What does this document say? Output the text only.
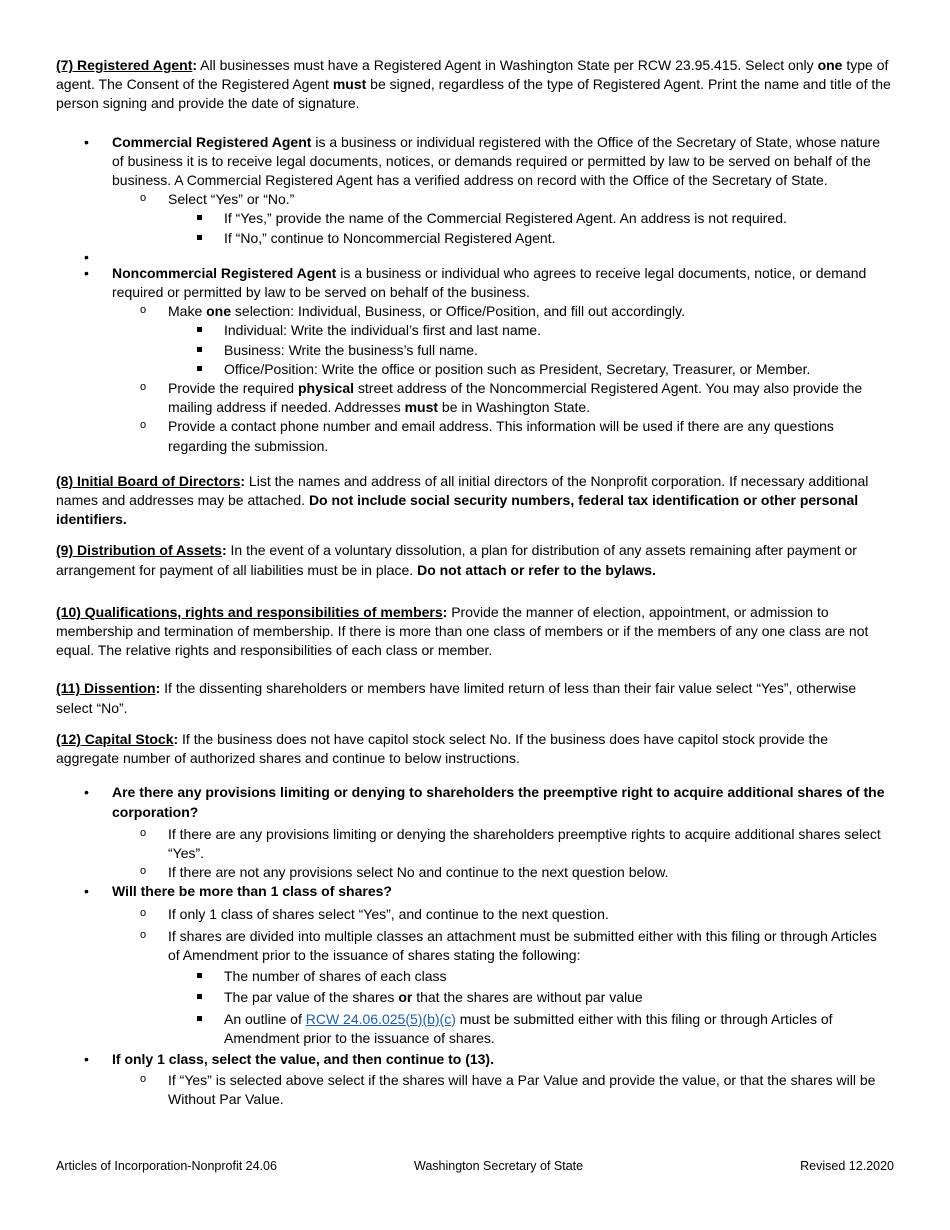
(7) Registered Agent: All businesses must have a Registered Agent in Washington State per RCW 23.95.415. Select only one type of agent. The Consent of the Registered Agent must be signed, regardless of the type of Registered Agent. Print the name and title of the person signing and provide the date of signature.

• Commercial Registered Agent is a business or individual registered with the Office of the Secretary of State, whose nature of business it is to receive legal documents, notices, or demands required or permitted by law to be served on behalf of the business. A Commercial Registered Agent has a verified address on record with the Office of the Secretary of State.
o Select “Yes” or “No.”
If “Yes,” provide the name of the Commercial Registered Agent. An address is not required.
If “No,” continue to Noncommercial Registered Agent.
•
• Noncommercial Registered Agent is a business or individual who agrees to receive legal documents, notice, or demand required or permitted by law to be served on behalf of the business.
o Make one selection: Individual, Business, or Office/Position, and fill out accordingly.
Individual: Write the individual’s first and last name.
Business: Write the business’s full name.
Office/Position: Write the office or position such as President, Secretary, Treasurer, or Member.
o Provide the required physical street address of the Noncommercial Registered Agent. You may also provide the mailing address if needed. Addresses must be in Washington State.
o Provide a contact phone number and email address. This information will be used if there are any questions regarding the submission.

(8) Initial Board of Directors: List the names and address of all initial directors of the Nonprofit corporation. If necessary additional names and addresses may be attached. Do not include social security numbers, federal tax identification or other personal identifiers.

(9) Distribution of Assets: In the event of a voluntary dissolution, a plan for distribution of any assets remaining after payment or arrangement for payment of all liabilities must be in place. Do not attach or refer to the bylaws.

(10) Qualifications, rights and responsibilities of members: Provide the manner of election, appointment, or admission to membership and termination of membership. If there is more than one class of members or if the members of any one class are not equal. The relative rights and responsibilities of each class or member.

(11) Dissention: If the dissenting shareholders or members have limited return of less than their fair value select “Yes”, otherwise select “No”.

(12) Capital Stock: If the business does not have capitol stock select No. If the business does have capitol stock provide the aggregate number of authorized shares and continue to below instructions.

• Are there any provisions limiting or denying to shareholders the preemptive right to acquire additional shares of the corporation?
o If there are any provisions limiting or denying the shareholders preemptive rights to acquire additional shares select “Yes”.
o If there are not any provisions select No and continue to the next question below.
• Will there be more than 1 class of shares?
o If only 1 class of shares select “Yes”, and continue to the next question.
o If shares are divided into multiple classes an attachment must be submitted either with this filing or through Articles of Amendment prior to the issuance of shares stating the following:
The number of shares of each class
The par value of the shares or that the shares are without par value
An outline of RCW 24.06.025(5)(b)(c) must be submitted either with this filing or through Articles of Amendment prior to the issuance of shares.
• If only 1 class, select the value, and then continue to (13).
o If “Yes” is selected above select if the shares will have a Par Value and provide the value, or that the shares will be Without Par Value.
Articles of Incorporation-Nonprofit 24.06	Washington Secretary of State	Revised 12.2020
